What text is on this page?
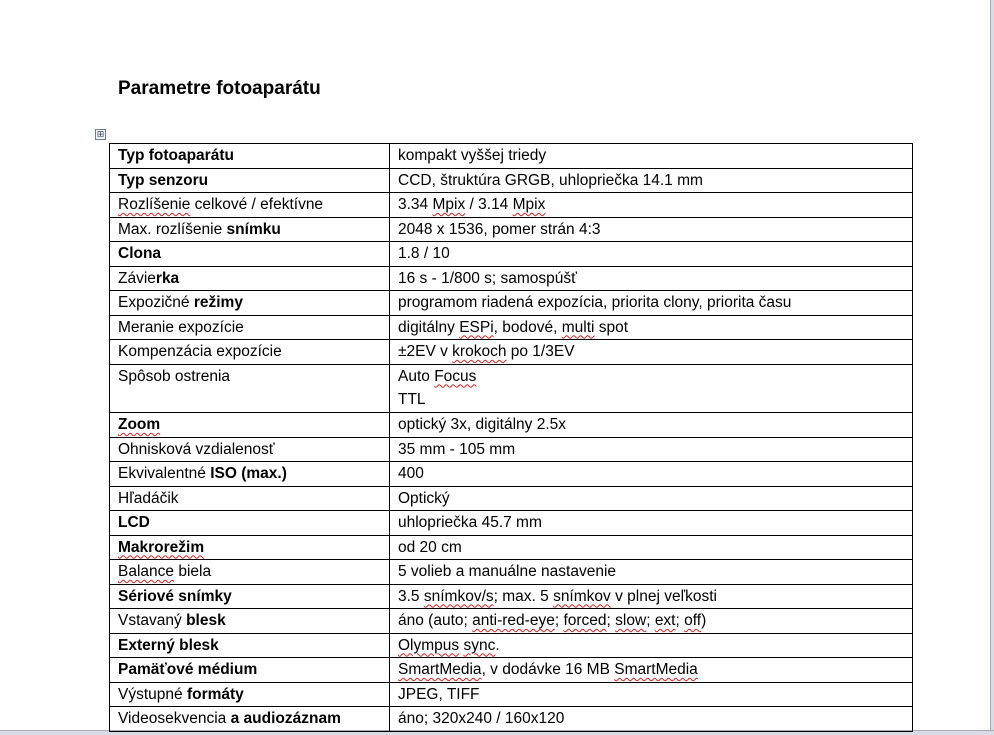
Parametre fotoaparátu
⊞
Typ fotoaparátu	kompakt vyššej triedy

Typ senzoru	CCD, štruktúra GRGB, uhlopriečka 14.1 mm

Rozlíšenie celkové / efektívne	3.34 Mpix / 3.14 Mpix

Max. rozlíšenie snímku	2048 x 1536, pomer strán 4:3

Clona	1.8 / 10

Závierka	16 s - 1/800 s; samospúšť

Expozičné režimy	programom riadená expozícia, priorita clony, priorita času

Meranie expozície	digitálny ESPi, bodové, multi spot

Kompenzácia expozície	±2EV v krokoch po 1/3EV

Spôsob ostrenia	Auto Focus
TTL

Zoom	optický 3x, digitálny 2.5x

Ohnisková vzdialenosť	35 mm - 105 mm

Ekvivalentné ISO (max.)	400

Hľadáčik	Optický

LCD	uhlopriečka 45.7 mm

Makrorežim	od 20 cm

Balance biela	5 volieb a manuálne nastavenie

Sériové snímky	3.5 snímkov/s; max. 5 snímkov v plnej veľkosti

Vstavaný blesk	áno (auto; anti-red-eye; forced; slow; ext; off)

Externý blesk	Olympus sync.

Pamäťové médium	SmartMedia, v dodávke 16 MB SmartMedia

Výstupné formáty	JPEG, TIFF

Videosekvencia a audiozáznam	áno; 320x240 / 160x120
